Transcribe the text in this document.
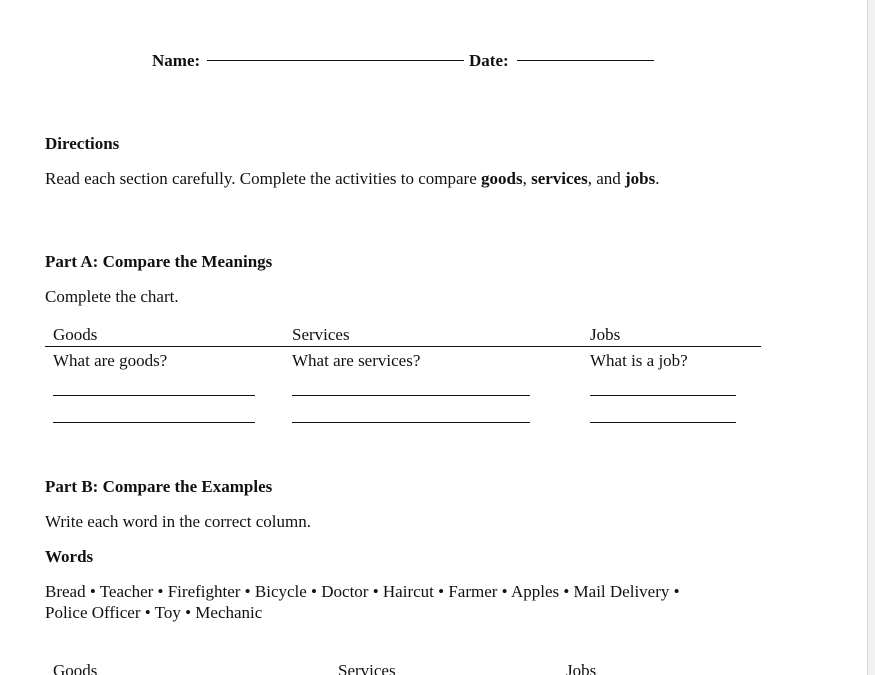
Name:	Date:
Directions
Read each section carefully. Complete the activities to compare goods, services, and jobs.
Part A: Compare the Meanings
Complete the chart.
Goods	Services	Jobs
What are goods?	What are services?	What is a job?
Part B: Compare the Examples
Write each word in the correct column.
Words
Bread • Teacher • Firefighter • Bicycle • Doctor • Haircut • Farmer • Apples • Mail Delivery •
Police Officer • Toy • Mechanic
Goods	Services	Jobs
